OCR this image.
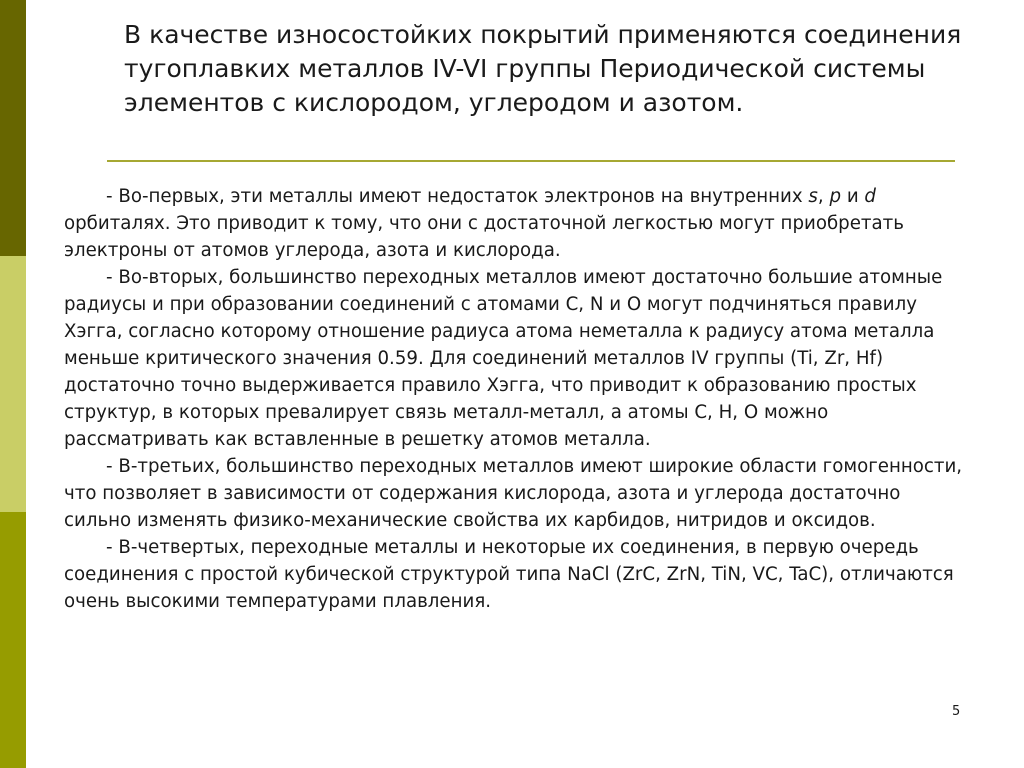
В качестве износостойких покрытий применяются соединения тугоплавких металлов IV-VI группы Периодической системы элементов с кислородом, углеродом и азотом.

- Во-первых, эти металлы имеют недостаток электронов на внутренних s, p и d орбиталях. Это приводит к тому, что они с достаточной легкостью могут приобретать электроны от атомов углерода, азота и кислорода.

- Во-вторых, большинство переходных металлов имеют достаточно большие атомные радиусы и при образовании соединений с атомами C, N и O могут подчиняться правилу Хэгга, согласно которому отношение радиуса атома неметалла к радиусу атома металла меньше критического значения 0.59. Для соединений металлов IV группы (Ti, Zr, Hf) достаточно точно выдерживается правило Хэгга, что приводит к образованию простых структур, в которых превалирует связь металл-металл, а атомы C, H, O можно рассматривать как вставленные в решетку атомов металла.

- В-третьих, большинство переходных металлов имеют широкие области гомогенности, что позволяет в зависимости от содержания кислорода, азота и углерода достаточно сильно изменять физико-механические свойства их карбидов, нитридов и оксидов.

- В-четвертых, переходные металлы и некоторые их соединения, в первую очередь соединения с простой кубической структурой типа NaCl (ZrC, ZrN, TiN, VC, TaC), отличаются очень высокими температурами плавления.

5
